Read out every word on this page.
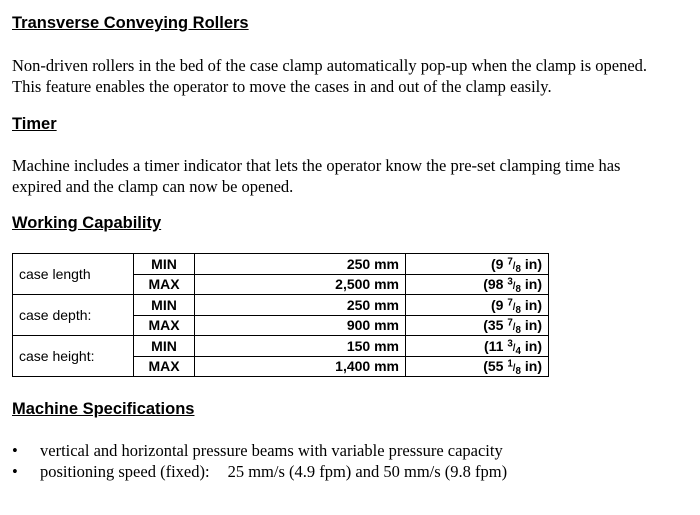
Transverse Conveying Rollers

Non-driven rollers in the bed of the case clamp automatically pop-up when the clamp is opened. This feature enables the operator to move the cases in and out of the clamp easily.

Timer

Machine includes a timer indicator that lets the operator know the pre-set clamping time has expired and the clamp can now be opened.

Working Capability
case length	MIN	250 mm	(9 $^7/_8$ in)
	MAX	2,500 mm	(98 $^3/_8$ in)
case depth:	MIN	250 mm	(9 $^7/_8$ in)
	MAX	900 mm	(35 $^7/_8$ in)
case height:	MIN	150 mm	(11 $^3/_4$ in)
	MAX	1,400 mm	(55 $^1/_8$ in)
Machine Specifications
• vertical and horizontal pressure beams with variable pressure capacity
• positioning speed (fixed): 25 mm/s (4.9 fpm) and 50 mm/s (9.8 fpm)
